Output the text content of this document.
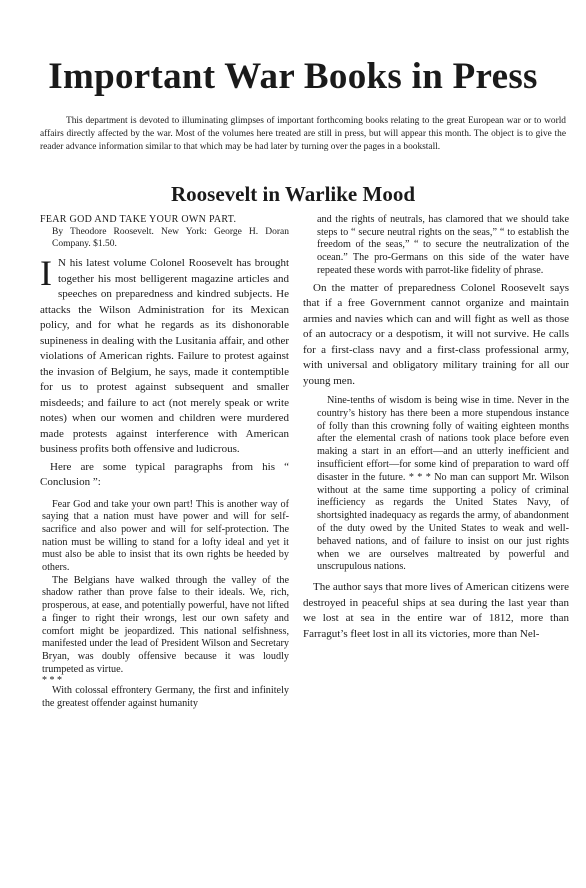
Important War Books in Press

This department is devoted to illuminating glimpses of important forthcoming books relating to the great European war or to world affairs directly affected by the war. Most of the volumes here treated are still in press, but will appear this month. The object is to give the reader advance information similar to that which may be had later by turning over the pages in a bookstall.

Roosevelt in Warlike Mood

FEAR GOD AND TAKE YOUR OWN PART.

By Theodore Roosevelt. New York: George H. Doran Company. $1.50.

I N his latest volume Colonel Roosevelt has brought together his most belligerent magazine articles and speeches on preparedness and kindred subjects. He attacks the Wilson Administration for its Mexican policy, and for what he regards as its dishonorable supineness in dealing with the Lusitania affair, and other violations of American rights. Failure to protest against the invasion of Belgium, he says, made it contemptible for us to protest against subsequent and smaller misdeeds; and failure to act (not merely speak or write notes) when our women and children were murdered made protests against interference with American business profits both offensive and ludicrous.

Here are some typical paragraphs from his “ Conclusion ”:

Fear God and take your own part! This is another way of saying that a nation must have power and will for self-sacrifice and also power and will for self-protection. The nation must be willing to stand for a lofty ideal and yet it must also be able to insist that its own rights be heeded by others.

The Belgians have walked through the valley of the shadow rather than prove false to their ideals. We, rich, prosperous, at ease, and potentially powerful, have not lifted a finger to right their wrongs, lest our own safety and comfort might be jeopardized. This national selfishness, manifested under the lead of President Wilson and Secretary Bryan, was doubly offensive because it was loudly trumpeted as virtue.

* * *

With colossal effrontery Germany, the first and infinitely the greatest offender against humanity

and the rights of neutrals, has clamored that we should take steps to “ secure neutral rights on the seas,” “ to establish the freedom of the seas,” “ to secure the neutralization of the ocean.” The pro-Germans on this side of the water have repeated these words with parrot-like fidelity of phrase.

On the matter of preparedness Colonel Roosevelt says that if a free Government cannot organize and maintain armies and navies which can and will fight as well as those of an autocracy or a despotism, it will not survive. He calls for a first-class navy and a first-class professional army, with universal and obligatory military training for all our young men.

Nine-tenths of wisdom is being wise in time. Never in the country’s history has there been a more stupendous instance of folly than this crowning folly of waiting eighteen months after the elemental crash of nations took place before even making a start in an effort—and an utterly inefficient and insufficient effort—for some kind of preparation to ward off disaster in the future. * * * No man can support Mr. Wilson without at the same time supporting a policy of criminal inefficiency as regards the United States Navy, of shortsighted inadequacy as regards the army, of abandonment of the duty owed by the United States to weak and well-behaved nations, and of failure to insist on our just rights when we are ourselves maltreated by powerful and unscrupulous nations.

The author says that more lives of American citizens were destroyed in peaceful ships at sea during the last year than we lost at sea in the entire war of 1812, more than Farragut’s fleet lost in all its victories, more than Nel-
